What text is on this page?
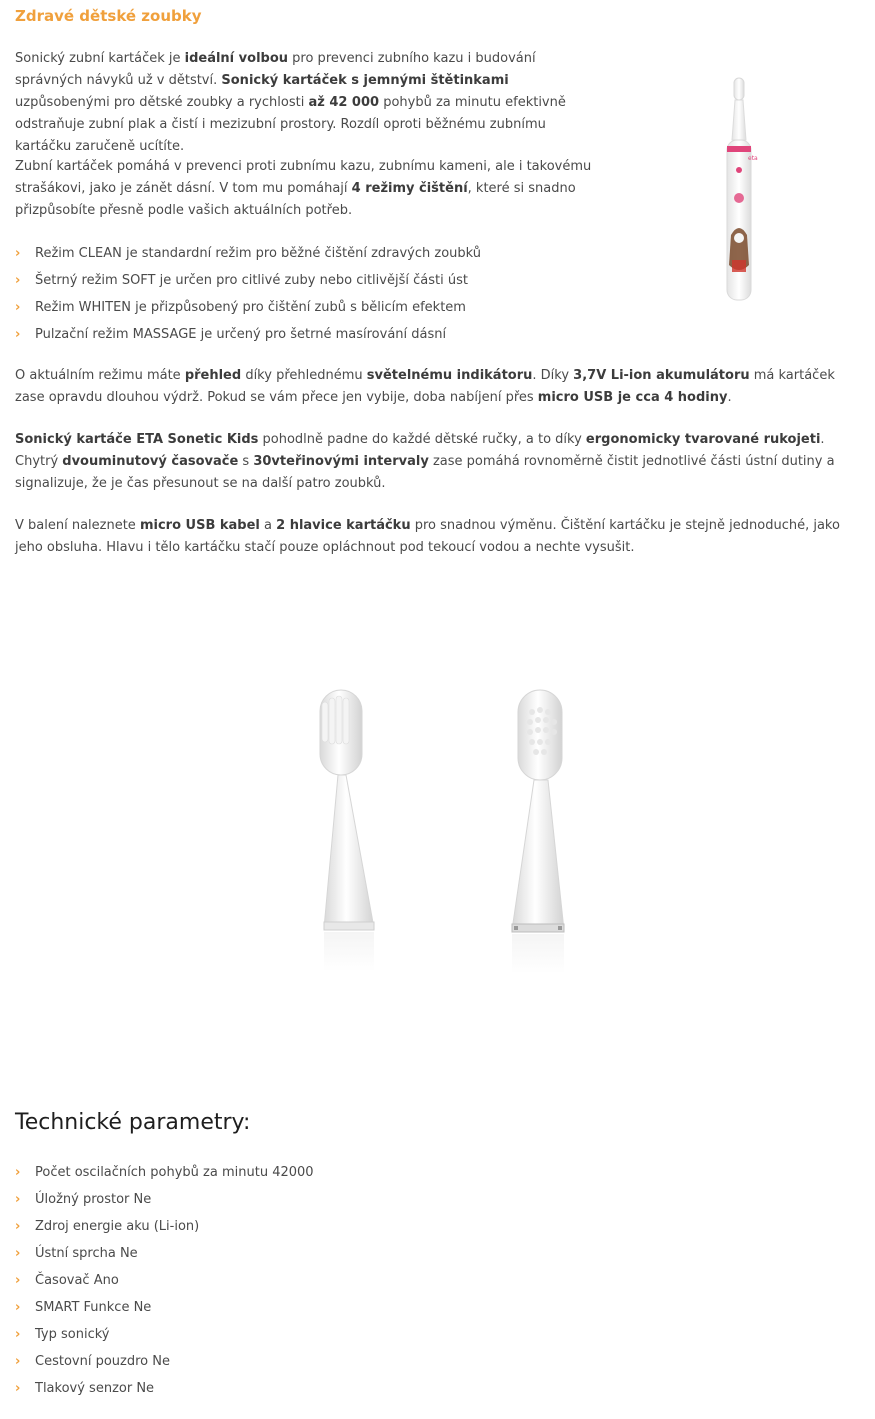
Zdravé dětské zoubky

Sonický zubní kartáček je ideální volbou pro prevenci zubního kazu i budování správných návyků už v dětství. Sonický kartáček s jemnými štětinkami uzpůsobenými pro dětské zoubky a rychlosti až 42 000 pohybů za minutu efektivně odstraňuje zubní plak a čistí i mezizubní prostory. Rozdíl oproti běžnému zubnímu kartáčku zaručeně ucítíte.

Zubní kartáček pomáhá v prevenci proti zubnímu kazu, zubnímu kameni, ale i takovému strašákovi, jako je zánět dásní. V tom mu pomáhají 4 režimy čištění, které si snadno přizpůsobíte přesně podle vašich aktuálních potřeb.

› Režim CLEAN je standardní režim pro běžné čištění zdravých zoubků
› Šetrný režim SOFT je určen pro citlivé zuby nebo citlivější části úst
› Režim WHITEN je přizpůsobený pro čištění zubů s bělicím efektem
› Pulzační režim MASSAGE je určený pro šetrné masírování dásní

O aktuálním režimu máte přehled díky přehlednému světelnému indikátoru. Díky 3,7V Li-ion akumulátoru má kartáček zase opravdu dlouhou výdrž. Pokud se vám přece jen vybije, doba nabíjení přes micro USB je cca 4 hodiny.

Sonický kartáče ETA Sonetic Kids pohodlně padne do každé dětské ručky, a to díky ergonomicky tvarované rukojeti. Chytrý dvouminutový časovače s 30vteřinovými intervaly zase pomáhá rovnoměrně čistit jednotlivé části ústní dutiny a signalizuje, že je čas přesunout se na další patro zoubků.

V balení naleznete micro USB kabel a 2 hlavice kartáčku pro snadnou výměnu. Čištění kartáčku je stejně jednoduché, jako jeho obsluha. Hlavu i tělo kartáčku stačí pouze opláchnout pod tekoucí vodou a nechte vysušit.

eta
Technické parametry:
› Počet oscilačních pohybů za minutu 42000
› Úložný prostor Ne
› Zdroj energie aku (Li-ion)
› Ústní sprcha Ne
› Časovač Ano
› SMART Funkce Ne
› Typ sonický
› Cestovní pouzdro Ne
› Tlakový senzor Ne
